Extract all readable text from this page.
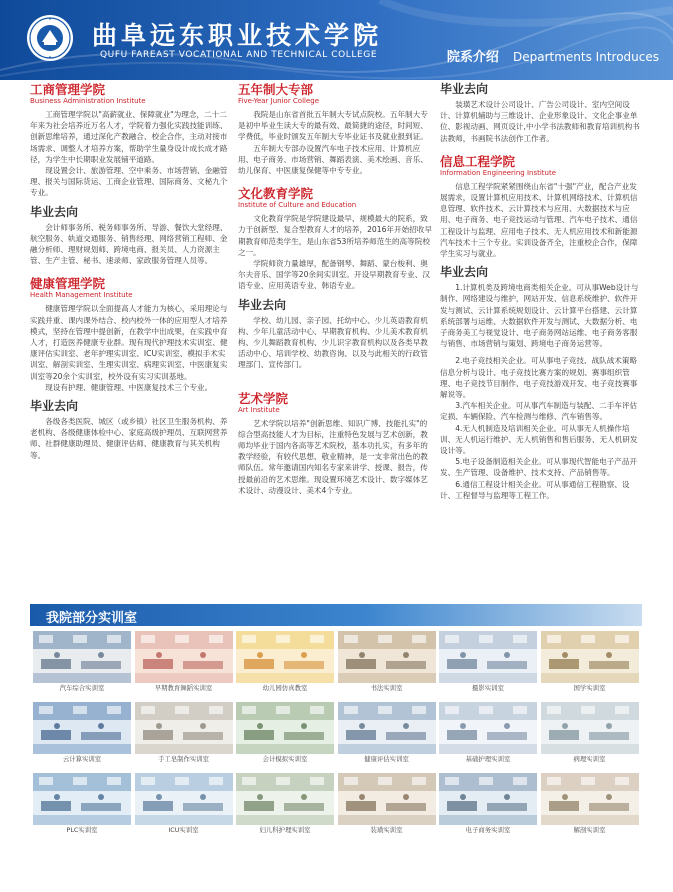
曲阜远东职业技术学院
QUFU FAREAST VOCATIONAL AND TECHNICAL COLLEGE	院系介绍 Departments Introduces
工商管理学院
Business Administration Institute

工商管理学院以"高薪就业、保障就业"为理念，二十二年来为社会培养近万名人才，学院着力强化实践技能训练、创新思维培养，通过深化产教融合、校企合作，主动对接市场需求、调整人才培养方案，帮助学生量身设计成长成才路径，为学生中长期职业发展铺平道路。

现设置会计、旅游管理、空中乘务、市场营销、金融管理、报关与国际货运、工商企业管理、国际商务、文秘九个专业。

毕业去向

会计师事务所、税务师事务所、导游、餐饮大堂经理、航空服务、轨道交通服务、销售经理、网络营销工程师、金融分析师、理财规划师、跨境电商、报关员、人力资源主管、生产主管、秘书、速录师、家政服务管理人员等。

健康管理学院
Health Management Institute

健康管理学院以全面提高人才能力为核心，采用理论与实践并重、课内课外结合、校内校外一体的应用型人才培养模式，坚持在管理中提创新，在教学中出成果，在实践中育人才，打造医养健康专业群。现有现代护理技术实训室、健康评估实训室、老年护理实训室、ICU实训室、模拟手术实训室、解剖实训室、生理实训室、病理实训室、中医康复实训室等20余个实训室，校外设有实习实训基地。

现设有护理、健康管理、中医康复技术三个专业。

毕业去向

各级各类医院、城区（或乡镇）社区卫生服务机构、养老机构、各级健康体检中心、家庭高级护理员、互联网营养师、社群健康助理员、健康评估师、健康教育与其关机构等。

五年制大专部
Five-Year Junior College

我院是山东省首批五年制大专试点院校。五年制大专是初中毕业生读大专的最有效、最简捷的途径，时间短、学费低，毕业时颁发五年制大专毕业证书及就业报到证。

五年制大专部办设置汽车电子技术应用、计算机应用、电子商务、市场营销、舞蹈表演、美术绘画、音乐、幼儿保育、中医康复保健等中专专业。

文化教育学院
Institute of Culture and Education

文化教育学院是学院建设最早、规模最大的院系，致力于创新型、复合型教育人才的培养，2016年开始招收早期教育师范类学生，是山东省53所培养师范生的高等院校之一。

学院师资力量雄厚，配备钢琴、舞蹈、蒙台梭利、奥尔夫音乐、国学等20余间实训室。开设早期教育专业、汉语专业、应用英语专业、韩语专业。

毕业去向

学校、幼儿园、亲子园、托幼中心、少儿英语教育机构、少年儿童活动中心、早期教育机构、少儿美术教育机构、少儿舞蹈教育机构、少儿识字教育机构以及各类早教活动中心、培训学校、幼教咨询、以及与此相关的行政管理部门、宣传部门。

艺术学院
Art Institute

艺术学院以培养"创新思维、知识广博、技能扎实"的综合型高技能人才为目标，注重特色发展与艺术创新，教师均毕业于国内各高等艺术院校，基本功扎实，有多年的教学经验，有较代思想、敬业精神，是一支非常出色的教师队伍。常年邀请国内知名专家来讲学、授课、报告，传授最前沿的艺术思维。现设置环境艺术设计、数字媒体艺术设计、动漫设计、美术4个专业。

毕业去向

装璜艺术设计公司设计、广告公司设计、室内空间设计、计算机辅助与三维设计、企业形象设计、文化企事业单位、影视动画、网页设计,中小学书法教师和教育培训机构书法教师，书画院书法创作工作者。

信息工程学院
Information Engineering Institute

信息工程学院紧紧围绕山东省"十强"产业，配合产业发展需求，设置计算机应用技术、计算机网络技术、计算机信息管理、软件技术、云计算技术与应用、大数据技术与应用、电子商务、电子竞技运动与管理、汽车电子技术、通信工程设计与监理、应用电子技术、无人机应用技术和新能源汽车技术十三个专业。实训设备齐全，注重校企合作，保障学生实习与就业。

毕业去向

1.计算机类及跨境电商类相关企业。可从事Web设计与制作、网络建设与维护，网站开发、信息系统维护、软件开发与测试、云计算系统规划设计、云计算平台搭建、云计算系统部署与运维、大数据软件开发与测试、大数据分析、电子商务美工与视觉设计、电子商务网站运维、电子商务客服与销售、市场营销与策划、跨境电子商务运营等。

2.电子竞技相关企业。可从事电子竞技、战队战术策略信息分析与设计、电子竞技比赛方案的规划、赛事组织管理、电子竞技节目制作、电子竞技游戏开发、电子竞技赛事解说等。

3.汽车相关企业。可从事汽车制造与装配、二手车评估定损、车辆保险、汽车检测与维修、汽车销售等。

4.无人机制造及培训相关企业。可从事无人机操作培训、无人机运行维护、无人机销售和售后服务、无人机研发设计等。

5.电子设备制造相关企业。可从事现代智能电子产品开发、生产管理、设备维护、技术支持、产品销售等。

6.通信工程设计相关企业。可从事通信工程勘察、设计、工程督导与监理等工程工作。

我院部分实训室
汽车综合实训室	早期教育舞蹈实训室	幼儿园仿真教室	书法实训室	摄影实训室	国学实训室
云计算实训室	手工皂制作实训室	会计模拟实训室	健康评估实训室	基础护理实训室	病理实训室
PLC实训室	ICU实训室	妇儿科护理实训室	装璜实训室	电子商务实训室	解剖实训室
